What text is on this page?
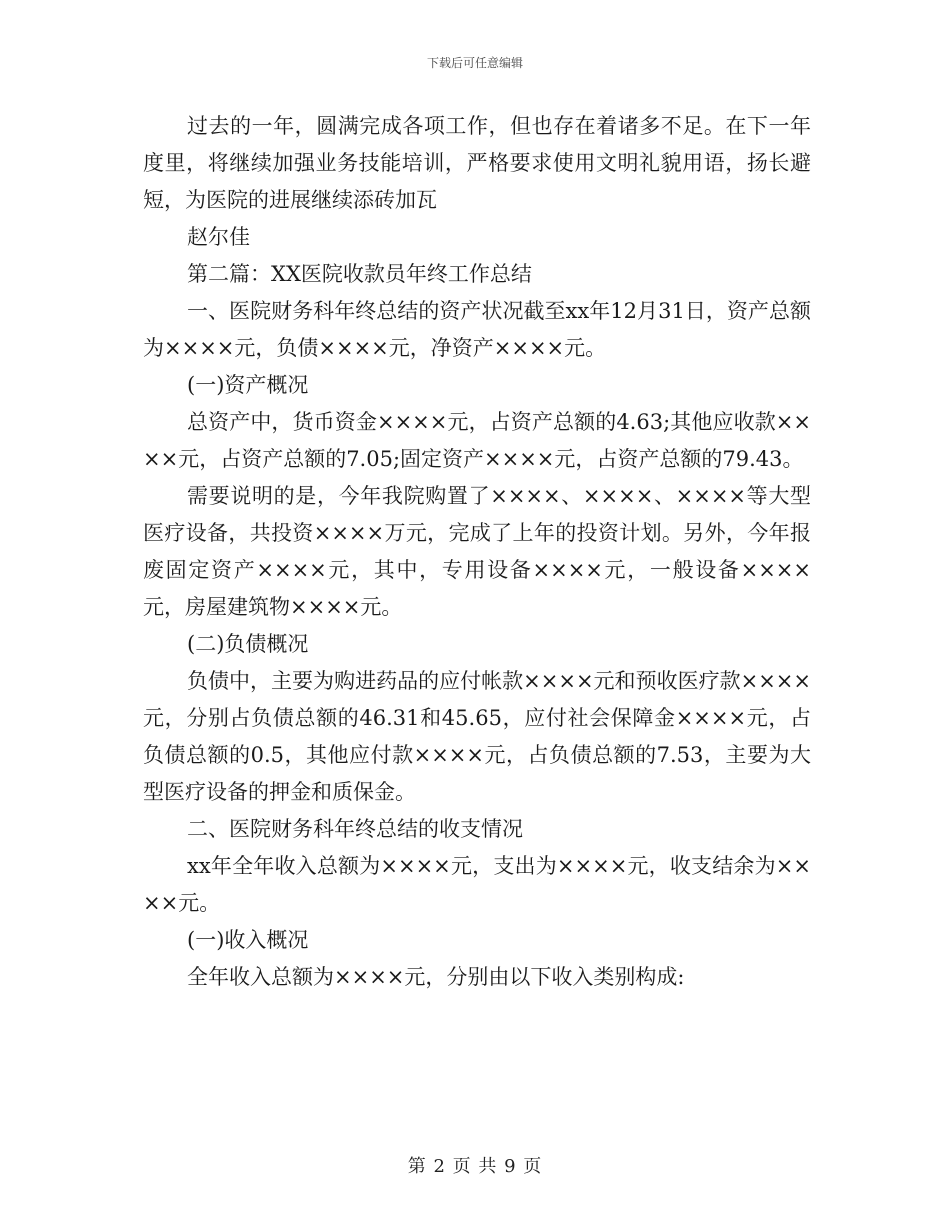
下载后可任意编辑

过去的一年，圆满完成各项工作，但也存在着诸多不足。在下一年度里，将继续加强业务技能培训，严格要求使用文明礼貌用语，扬长避短，为医院的进展继续添砖加瓦

赵尔佳

第二篇：XX医院收款员年终工作总结

一、医院财务科年终总结的资产状况截至xx年12月31日，资产总额为××××元，负债××××元，净资产××××元。

(一)资产概况

总资产中，货币资金××××元，占资产总额的4.63;其他应收款××××元，占资产总额的7.05;固定资产××××元，占资产总额的79.43。

需要说明的是，今年我院购置了××××、××××、××××等大型医疗设备，共投资××××万元，完成了上年的投资计划。另外，今年报废固定资产××××元，其中，专用设备××××元，一般设备××××元，房屋建筑物××××元。

(二)负债概况

负债中，主要为购进药品的应付帐款××××元和预收医疗款××××元，分别占负债总额的46.31和45.65，应付社会保障金××××元，占负债总额的0.5，其他应付款××××元，占负债总额的7.53，主要为大型医疗设备的押金和质保金。

二、医院财务科年终总结的收支情况

xx年全年收入总额为××××元，支出为××××元，收支结余为××××元。

(一)收入概况

全年收入总额为××××元，分别由以下收入类别构成:

第 2 页 共 9 页
